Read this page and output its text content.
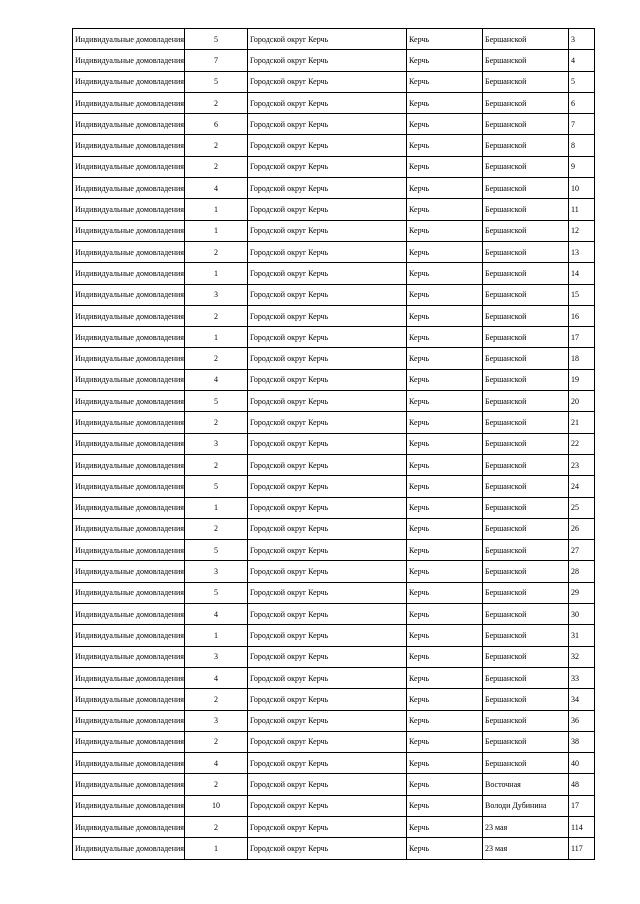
Индивидуальные домовладения	5	Городской округ Керчь	Керчь	Бершанской	3
Индивидуальные домовладения	7	Городской округ Керчь	Керчь	Бершанской	4
Индивидуальные домовладения	5	Городской округ Керчь	Керчь	Бершанской	5
Индивидуальные домовладения	2	Городской округ Керчь	Керчь	Бершанской	6
Индивидуальные домовладения	6	Городской округ Керчь	Керчь	Бершанской	7
Индивидуальные домовладения	2	Городской округ Керчь	Керчь	Бершанской	8
Индивидуальные домовладения	2	Городской округ Керчь	Керчь	Бершанской	9
Индивидуальные домовладения	4	Городской округ Керчь	Керчь	Бершанской	10
Индивидуальные домовладения	1	Городской округ Керчь	Керчь	Бершанской	11
Индивидуальные домовладения	1	Городской округ Керчь	Керчь	Бершанской	12
Индивидуальные домовладения	2	Городской округ Керчь	Керчь	Бершанской	13
Индивидуальные домовладения	1	Городской округ Керчь	Керчь	Бершанской	14
Индивидуальные домовладения	3	Городской округ Керчь	Керчь	Бершанской	15
Индивидуальные домовладения	2	Городской округ Керчь	Керчь	Бершанской	16
Индивидуальные домовладения	1	Городской округ Керчь	Керчь	Бершанской	17
Индивидуальные домовладения	2	Городской округ Керчь	Керчь	Бершанской	18
Индивидуальные домовладения	4	Городской округ Керчь	Керчь	Бершанской	19
Индивидуальные домовладения	5	Городской округ Керчь	Керчь	Бершанской	20
Индивидуальные домовладения	2	Городской округ Керчь	Керчь	Бершанской	21
Индивидуальные домовладения	3	Городской округ Керчь	Керчь	Бершанской	22
Индивидуальные домовладения	2	Городской округ Керчь	Керчь	Бершанской	23
Индивидуальные домовладения	5	Городской округ Керчь	Керчь	Бершанской	24
Индивидуальные домовладения	1	Городской округ Керчь	Керчь	Бершанской	25
Индивидуальные домовладения	2	Городской округ Керчь	Керчь	Бершанской	26
Индивидуальные домовладения	5	Городской округ Керчь	Керчь	Бершанской	27
Индивидуальные домовладения	3	Городской округ Керчь	Керчь	Бершанской	28
Индивидуальные домовладения	5	Городской округ Керчь	Керчь	Бершанской	29
Индивидуальные домовладения	4	Городской округ Керчь	Керчь	Бершанской	30
Индивидуальные домовладения	1	Городской округ Керчь	Керчь	Бершанской	31
Индивидуальные домовладения	3	Городской округ Керчь	Керчь	Бершанской	32
Индивидуальные домовладения	4	Городской округ Керчь	Керчь	Бершанской	33
Индивидуальные домовладения	2	Городской округ Керчь	Керчь	Бершанской	34
Индивидуальные домовладения	3	Городской округ Керчь	Керчь	Бершанской	36
Индивидуальные домовладения	2	Городской округ Керчь	Керчь	Бершанской	38
Индивидуальные домовладения	4	Городской округ Керчь	Керчь	Бершанской	40
Индивидуальные домовладения	2	Городской округ Керчь	Керчь	Восточная	48
Индивидуальные домовладения	10	Городской округ Керчь	Керчь	Володи Дубинина	17
Индивидуальные домовладения	2	Городской округ Керчь	Керчь	23 мая	114
Индивидуальные домовладения	1	Городской округ Керчь	Керчь	23 мая	117
